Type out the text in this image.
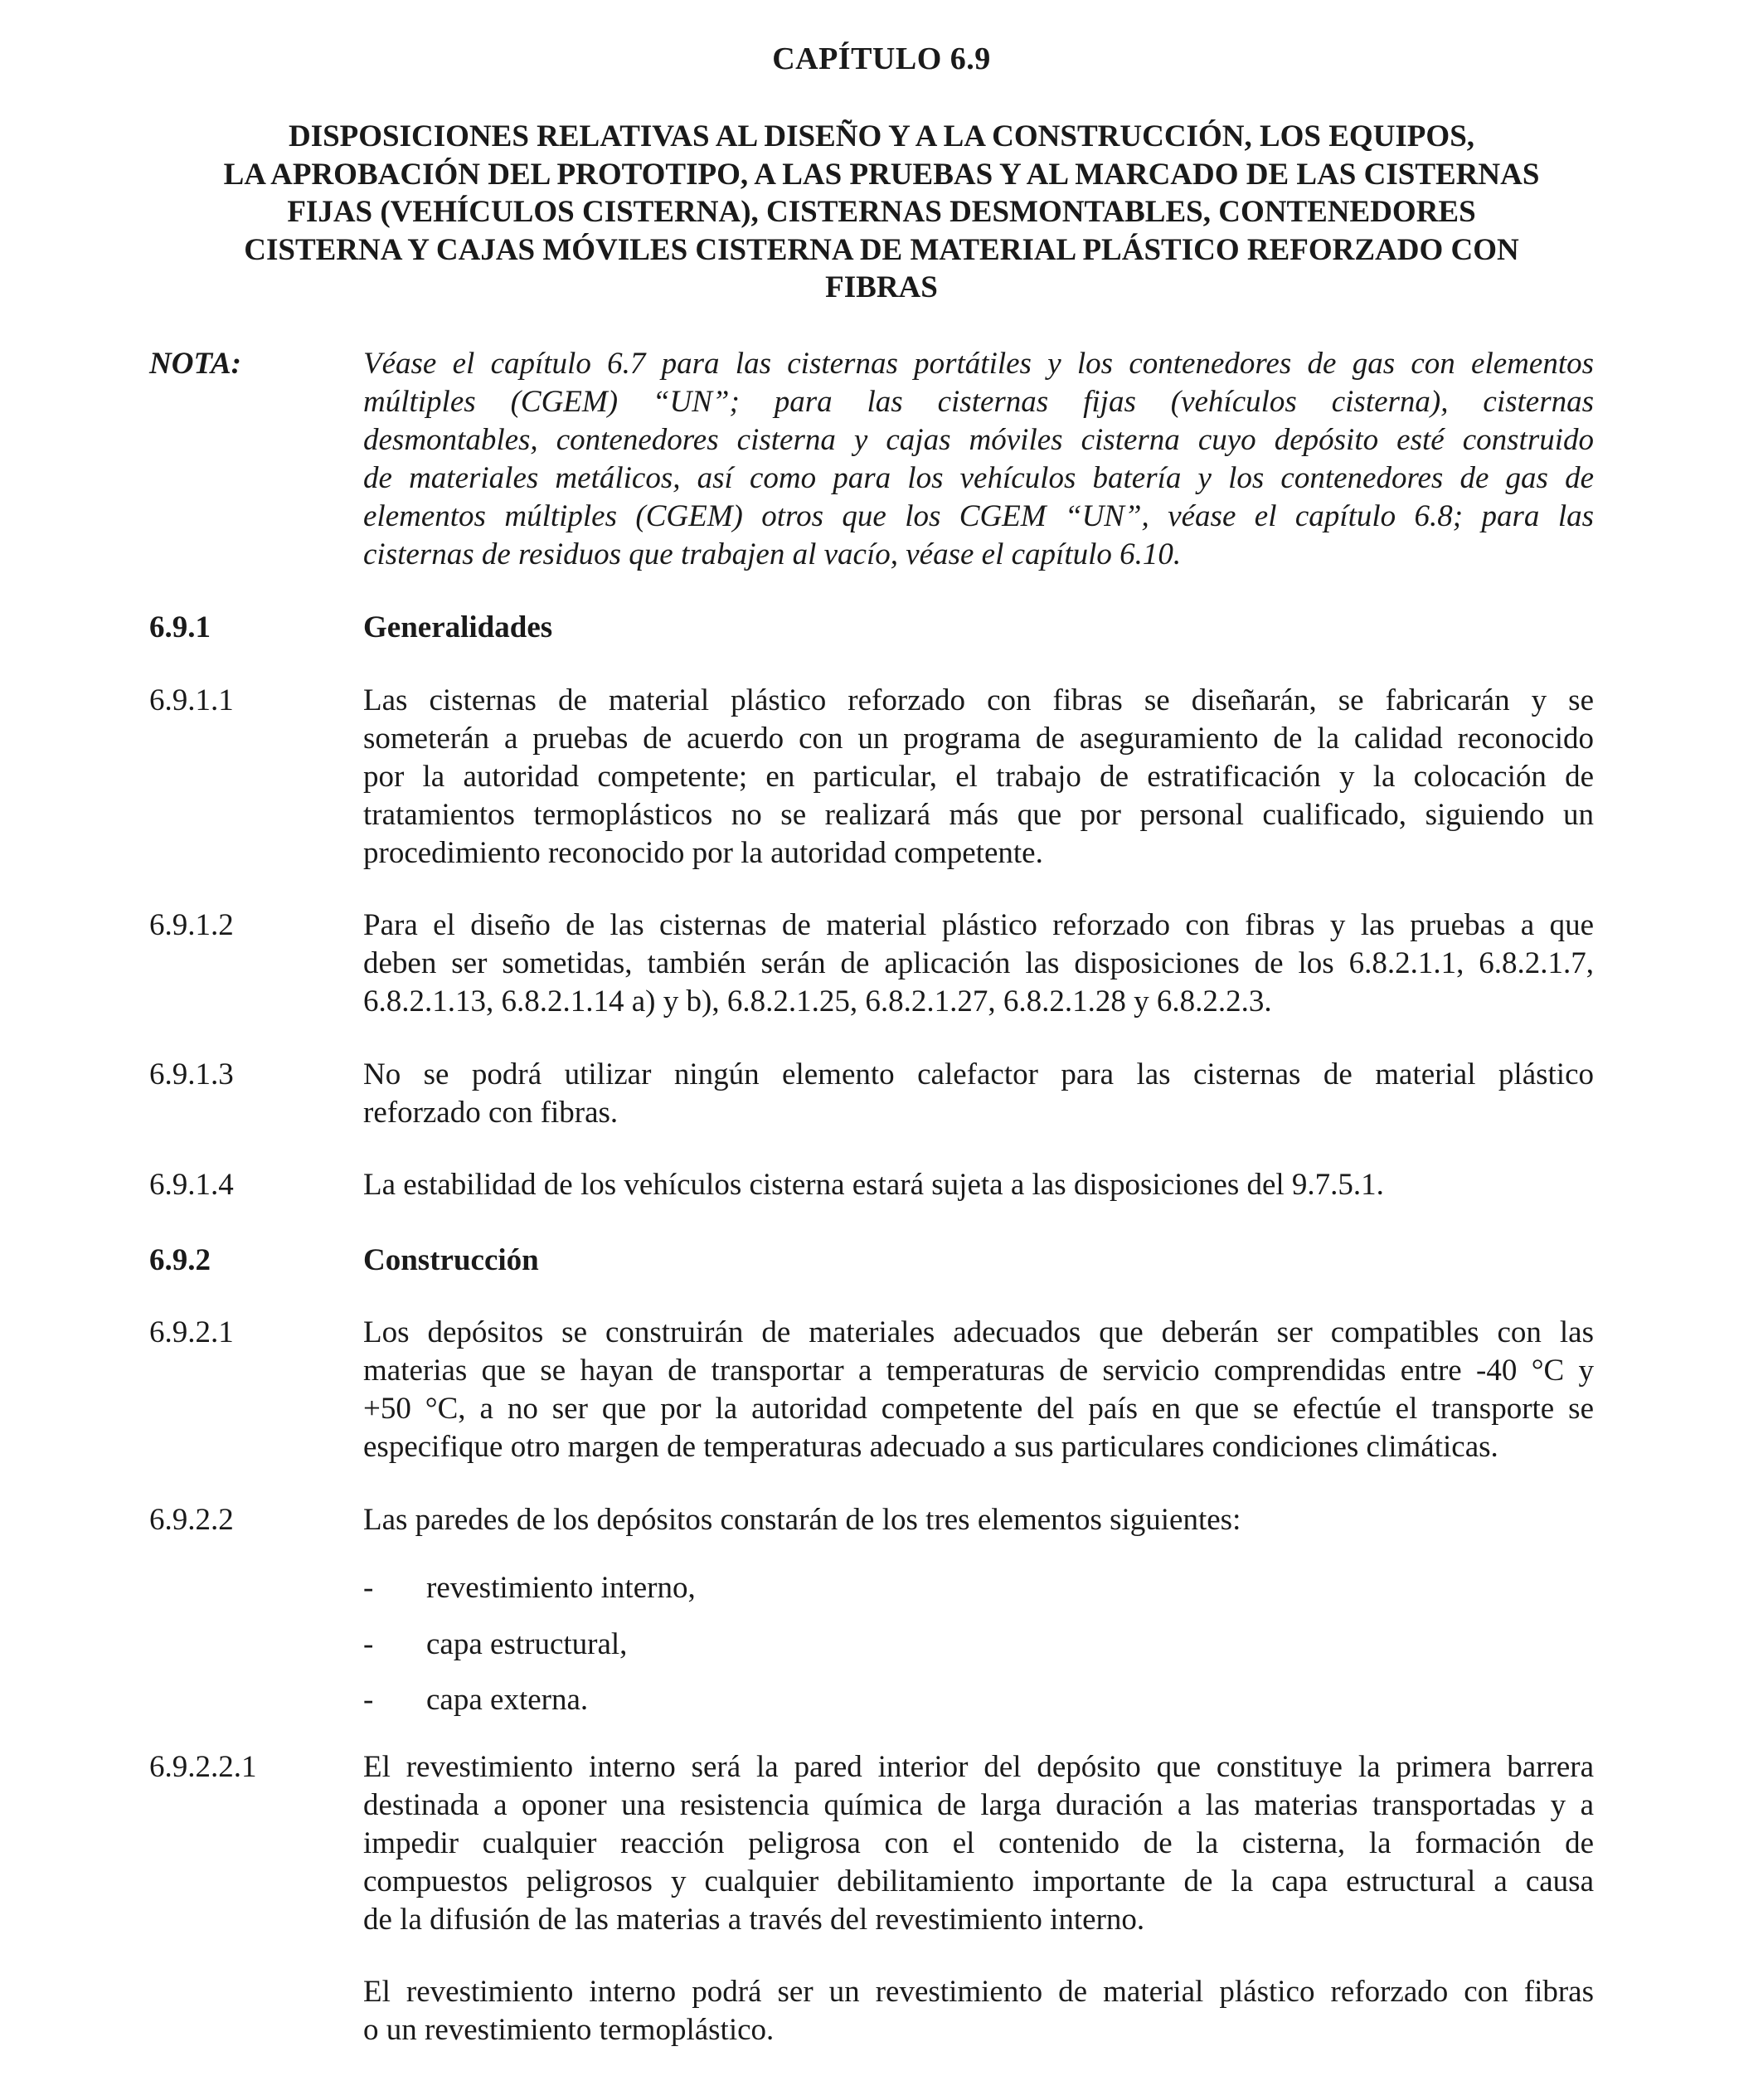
CAPÍTULO 6.9
DISPOSICIONES RELATIVAS AL DISEÑO Y A LA CONSTRUCCIÓN, LOS EQUIPOS,
LA APROBACIÓN DEL PROTOTIPO, A LAS PRUEBAS Y AL MARCADO DE LAS CISTERNAS
FIJAS (VEHÍCULOS CISTERNA), CISTERNAS DESMONTABLES, CONTENEDORES
CISTERNA Y CAJAS MÓVILES CISTERNA DE MATERIAL PLÁSTICO REFORZADO CON
FIBRAS
NOTA:	Véase el capítulo 6.7 para las cisternas portátiles y los contenedores de gas con elementos
múltiples (CGEM) “UN”; para las cisternas fijas (vehículos cisterna), cisternas
desmontables, contenedores cisterna y cajas móviles cisterna cuyo depósito esté construido
de materiales metálicos, así como para los vehículos batería y los contenedores de gas de
elementos múltiples (CGEM) otros que los CGEM “UN”, véase el capítulo 6.8; para las
cisternas de residuos que trabajen al vacío, véase el capítulo 6.10.
6.9.1	Generalidades
6.9.1.1	Las cisternas de material plástico reforzado con fibras se diseñarán, se fabricarán y se
someterán a pruebas de acuerdo con un programa de aseguramiento de la calidad reconocido
por la autoridad competente; en particular, el trabajo de estratificación y la colocación de
tratamientos termoplásticos no se realizará más que por personal cualificado, siguiendo un
procedimiento reconocido por la autoridad competente.
6.9.1.2	Para el diseño de las cisternas de material plástico reforzado con fibras y las pruebas a que
deben ser sometidas, también serán de aplicación las disposiciones de los 6.8.2.1.1, 6.8.2.1.7,
6.8.2.1.13, 6.8.2.1.14 a) y b), 6.8.2.1.25, 6.8.2.1.27, 6.8.2.1.28 y 6.8.2.2.3.
6.9.1.3	No se podrá utilizar ningún elemento calefactor para las cisternas de material plástico
reforzado con fibras.
6.9.1.4	La estabilidad de los vehículos cisterna estará sujeta a las disposiciones del 9.7.5.1.
6.9.2	Construcción
6.9.2.1	Los depósitos se construirán de materiales adecuados que deberán ser compatibles con las
materias que se hayan de transportar a temperaturas de servicio comprendidas entre -40 °C y
+50 °C, a no ser que por la autoridad competente del país en que se efectúe el transporte se
especifique otro margen de temperaturas adecuado a sus particulares condiciones climáticas.
6.9.2.2	Las paredes de los depósitos constarán de los tres elementos siguientes:
- revestimiento interno,
- capa estructural,
- capa externa.
6.9.2.2.1	El revestimiento interno será la pared interior del depósito que constituye la primera barrera
destinada a oponer una resistencia química de larga duración a las materias transportadas y a
impedir cualquier reacción peligrosa con el contenido de la cisterna, la formación de
compuestos peligrosos y cualquier debilitamiento importante de la capa estructural a causa
de la difusión de las materias a través del revestimiento interno.
El revestimiento interno podrá ser un revestimiento de material plástico reforzado con fibras
o un revestimiento termoplástico.
